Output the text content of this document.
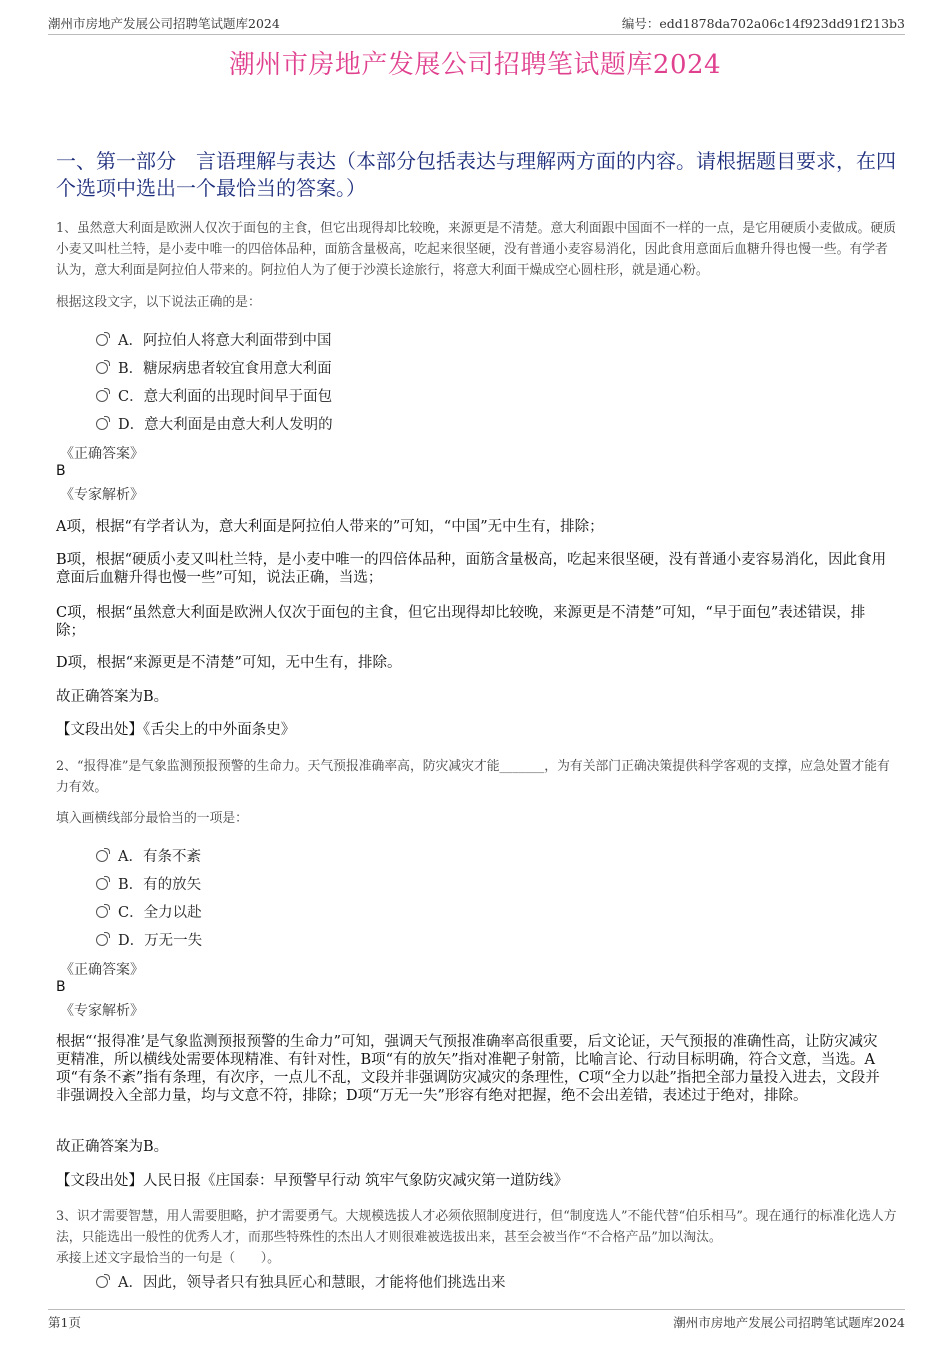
潮州市房地产发展公司招聘笔试题库2024	编号：edd1878da702a06c14f923dd91f213b3
潮州市房地产发展公司招聘笔试题库2024
一、第一部分　言语理解与表达（本部分包括表达与理解两方面的内容。请根据题目要求，在四个选项中选出一个最恰当的答案。）
1、虽然意大利面是欧洲人仅次于面包的主食，但它出现得却比较晚，来源更是不清楚。意大利面跟中国面不一样的一点，是它用硬质小麦做成。硬质小麦又叫杜兰特，是小麦中唯一的四倍体品种，面筋含量极高，吃起来很坚硬，没有普通小麦容易消化，因此食用意面后血糖升得也慢一些。有学者认为，意大利面是阿拉伯人带来的。阿拉伯人为了便于沙漠长途旅行，将意大利面干燥成空心圆柱形，就是通心粉。
根据这段文字，以下说法正确的是：
A．阿拉伯人将意大利面带到中国
B．糖尿病患者较宜食用意大利面
C．意大利面的出现时间早于面包
D．意大利面是由意大利人发明的
《正确答案》
B
《专家解析》
A项，根据“有学者认为，意大利面是阿拉伯人带来的”可知，“中国”无中生有，排除；
B项，根据“硬质小麦又叫杜兰特，是小麦中唯一的四倍体品种，面筋含量极高，吃起来很坚硬，没有普通小麦容易消化，因此食用意面后血糖升得也慢一些”可知，说法正确，当选；
C项，根据“虽然意大利面是欧洲人仅次于面包的主食，但它出现得却比较晚，来源更是不清楚”可知，“早于面包”表述错误，排除；
D项，根据“来源更是不清楚”可知，无中生有，排除。
故正确答案为B。
【文段出处】《舌尖上的中外面条史》
2、“报得准”是气象监测预报预警的生命力。天气预报准确率高，防灾减灾才能_______，为有关部门正确决策提供科学客观的支撑，应急处置才能有力有效。
填入画横线部分最恰当的一项是：
A．有条不紊
B．有的放矢
C．全力以赴
D．万无一失
《正确答案》
B
《专家解析》
根据“‘报得准’是气象监测预报预警的生命力”可知，强调天气预报准确率高很重要，后文论证，天气预报的准确性高，让防灾减灾更精准，所以横线处需要体现精准、有针对性，B项“有的放矢”指对准靶子射箭，比喻言论、行动目标明确，符合文意，当选。A项“有条不紊”指有条理，有次序，一点儿不乱，文段并非强调防灾减灾的条理性，C项“全力以赴”指把全部力量投入进去，文段并非强调投入全部力量，均与文意不符，排除；D项“万无一失”形容有绝对把握，绝不会出差错，表述过于绝对，排除。
故正确答案为B。
【文段出处】人民日报《庄国泰：早预警早行动 筑牢气象防灾减灾第一道防线》
3、识才需要智慧，用人需要胆略，护才需要勇气。大规模选拔人才必须依照制度进行，但“制度选人”不能代替“伯乐相马”。现在通行的标准化选人方法，只能选出一般性的优秀人才，而那些特殊性的杰出人才则很难被选拔出来，甚至会被当作“不合格产品”加以淘汰。
承接上述文字最恰当的一句是（　　）。
A．因此，领导者只有独具匠心和慧眼，才能将他们挑选出来
第1页	潮州市房地产发展公司招聘笔试题库2024
